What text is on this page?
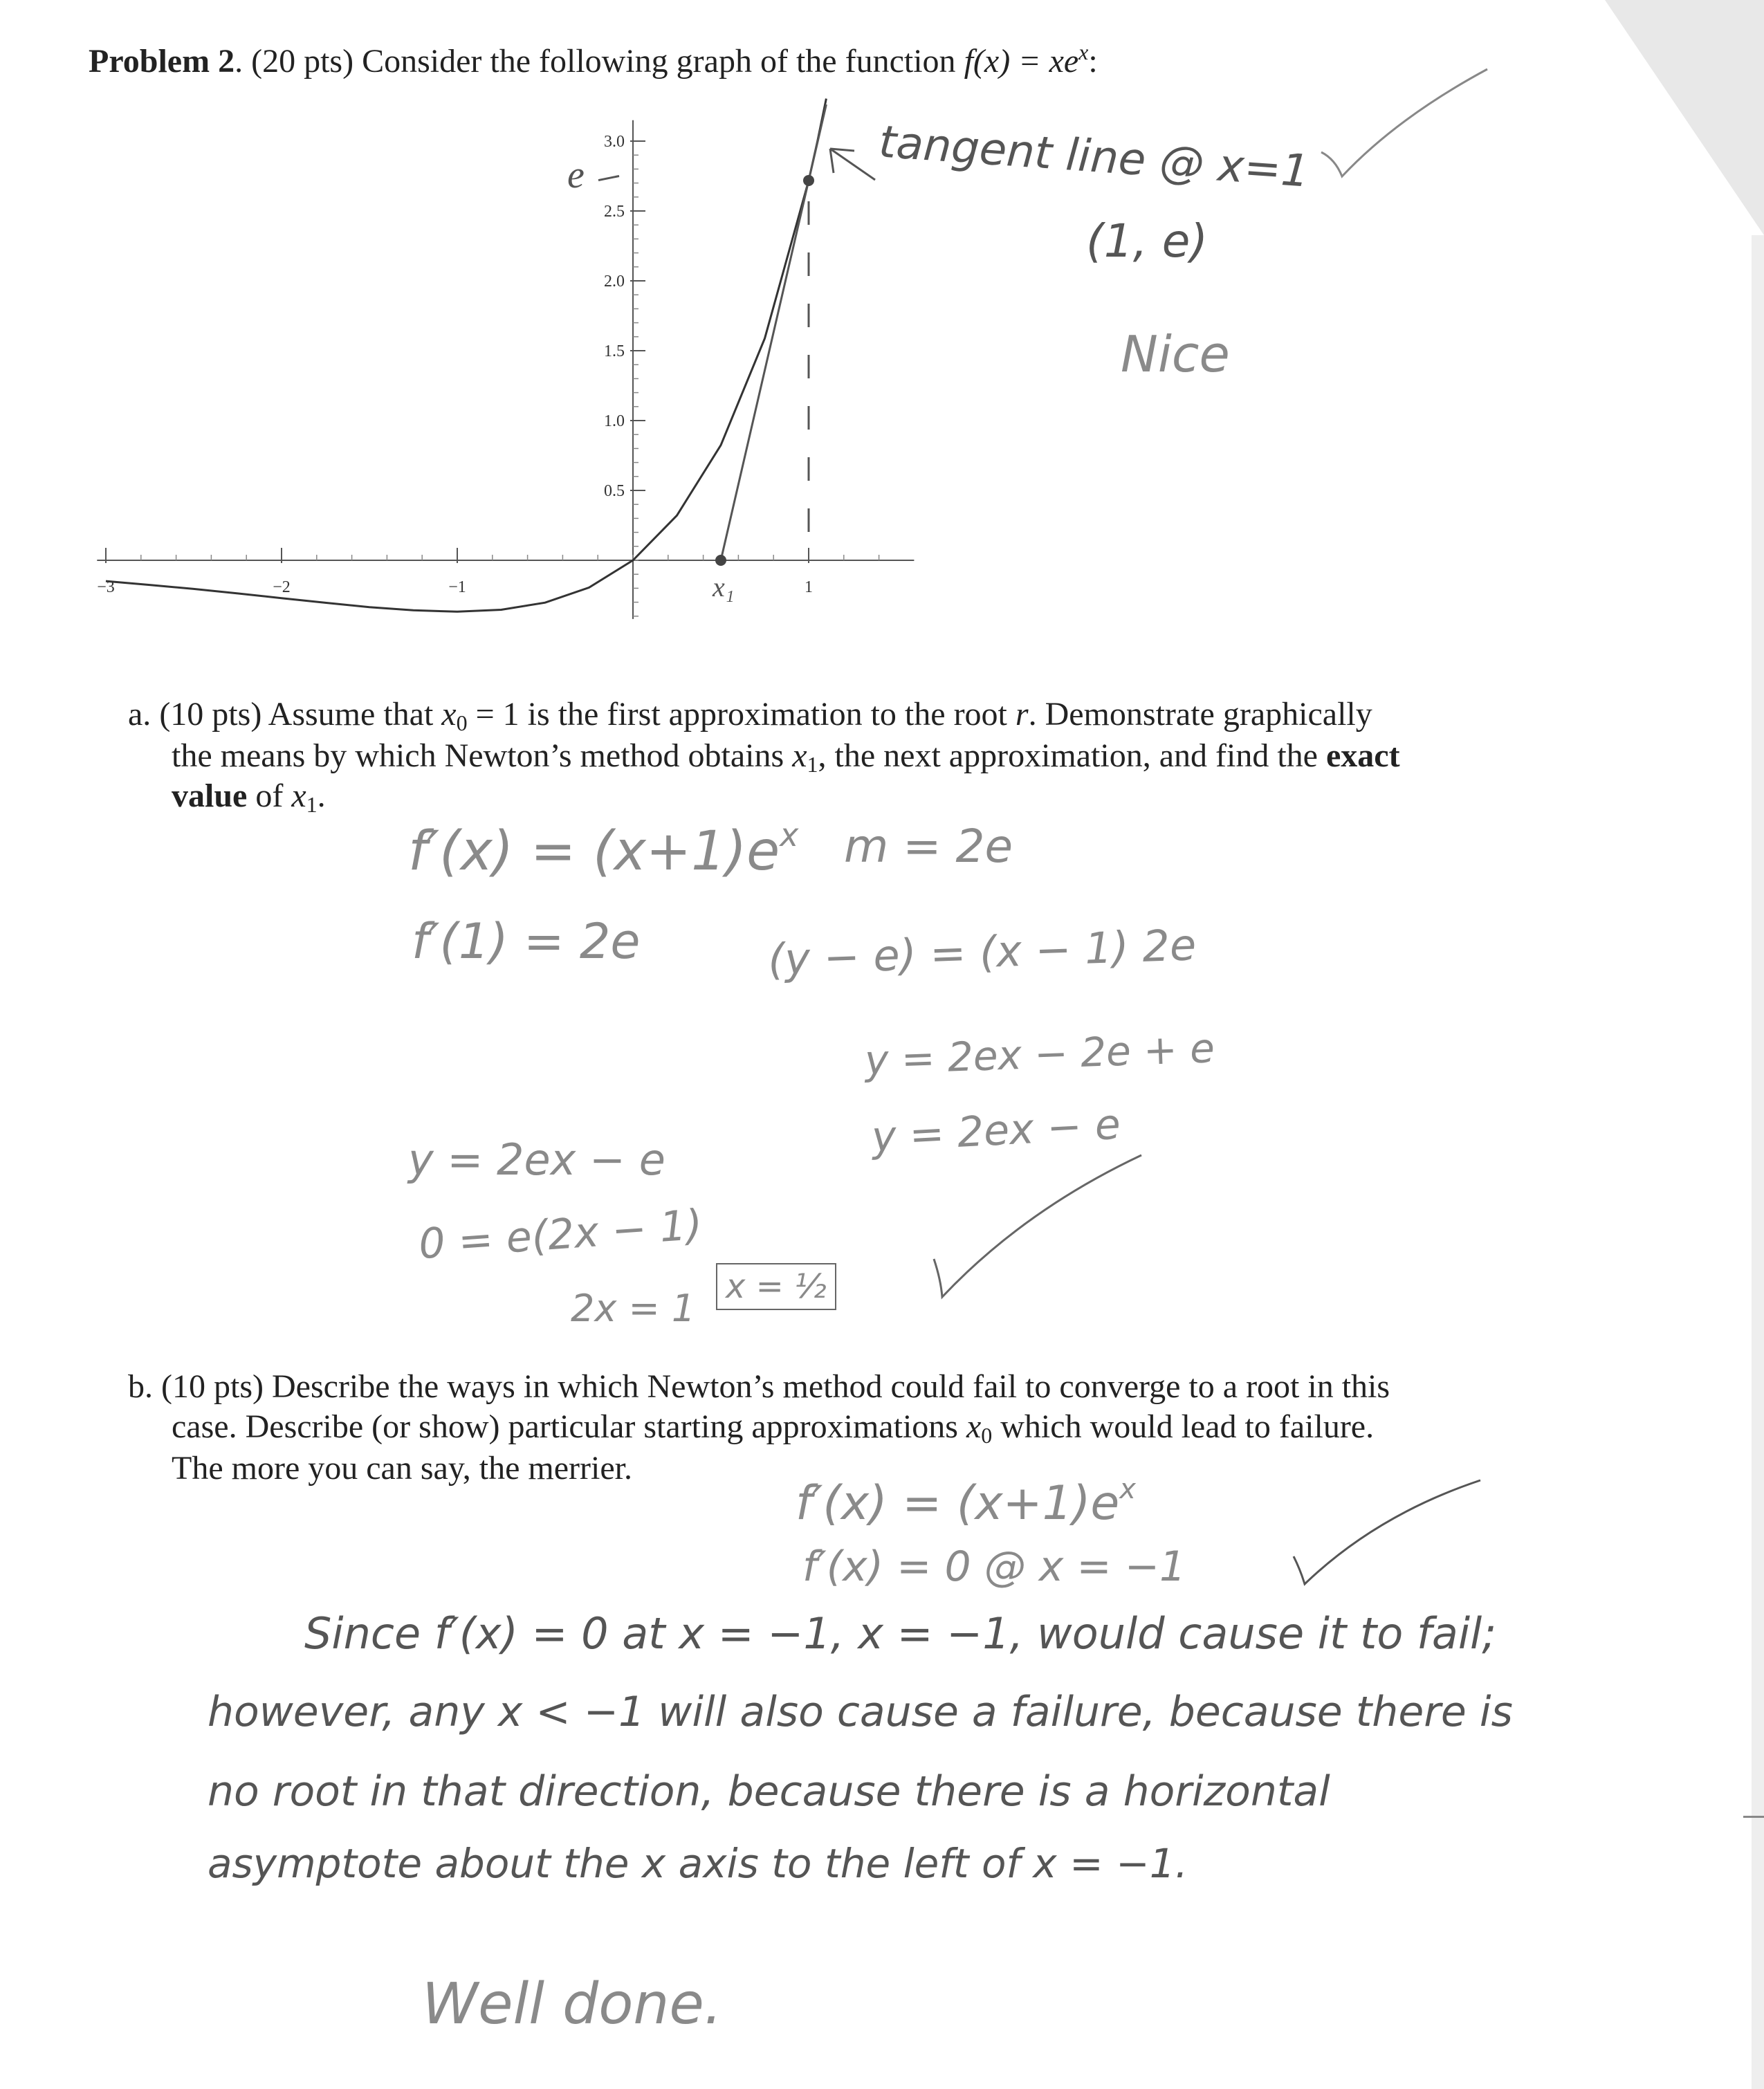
Problem 2. (20 pts) Consider the following graph of the function $f(x) = xe^x$:
−3	−2	−1	1
0.5
1.0
1.5
2.0
2.5
3.0
e
x₁
tangent line @ x=1
(1, e)
Nice
a. (10 pts) Assume that $x_0 = 1$ is the first approximation to the root r. Demonstrate graphically
the means by which Newton’s method obtains $x_1$, the next approximation, and find the exact
value of $x_1$.
$f'(x) = (x+1)e^x$ m = 2e
f′(1) = 2e	(y − e) = (x − 1) 2e
y = 2ex − 2e + e
y = 2ex − e
y = 2ex − e
0 = e(2x − 1)
2x = 1 x = ½
b. (10 pts) Describe the ways in which Newton’s method could fail to converge to a root in this
case. Describe (or show) particular starting approximations $x_0$ which would lead to failure.
The more you can say, the merrier.
$f'(x) = (x+1)e^x$
f′(x) = 0 @ x = −1
Since f′(x) = 0 at x = −1, x = −1, would cause it to fail;
however, any x < −1 will also cause a failure, because there is
no root in that direction, because there is a horizontal
asymptote about the x axis to the left of x = −1.
Well done.
